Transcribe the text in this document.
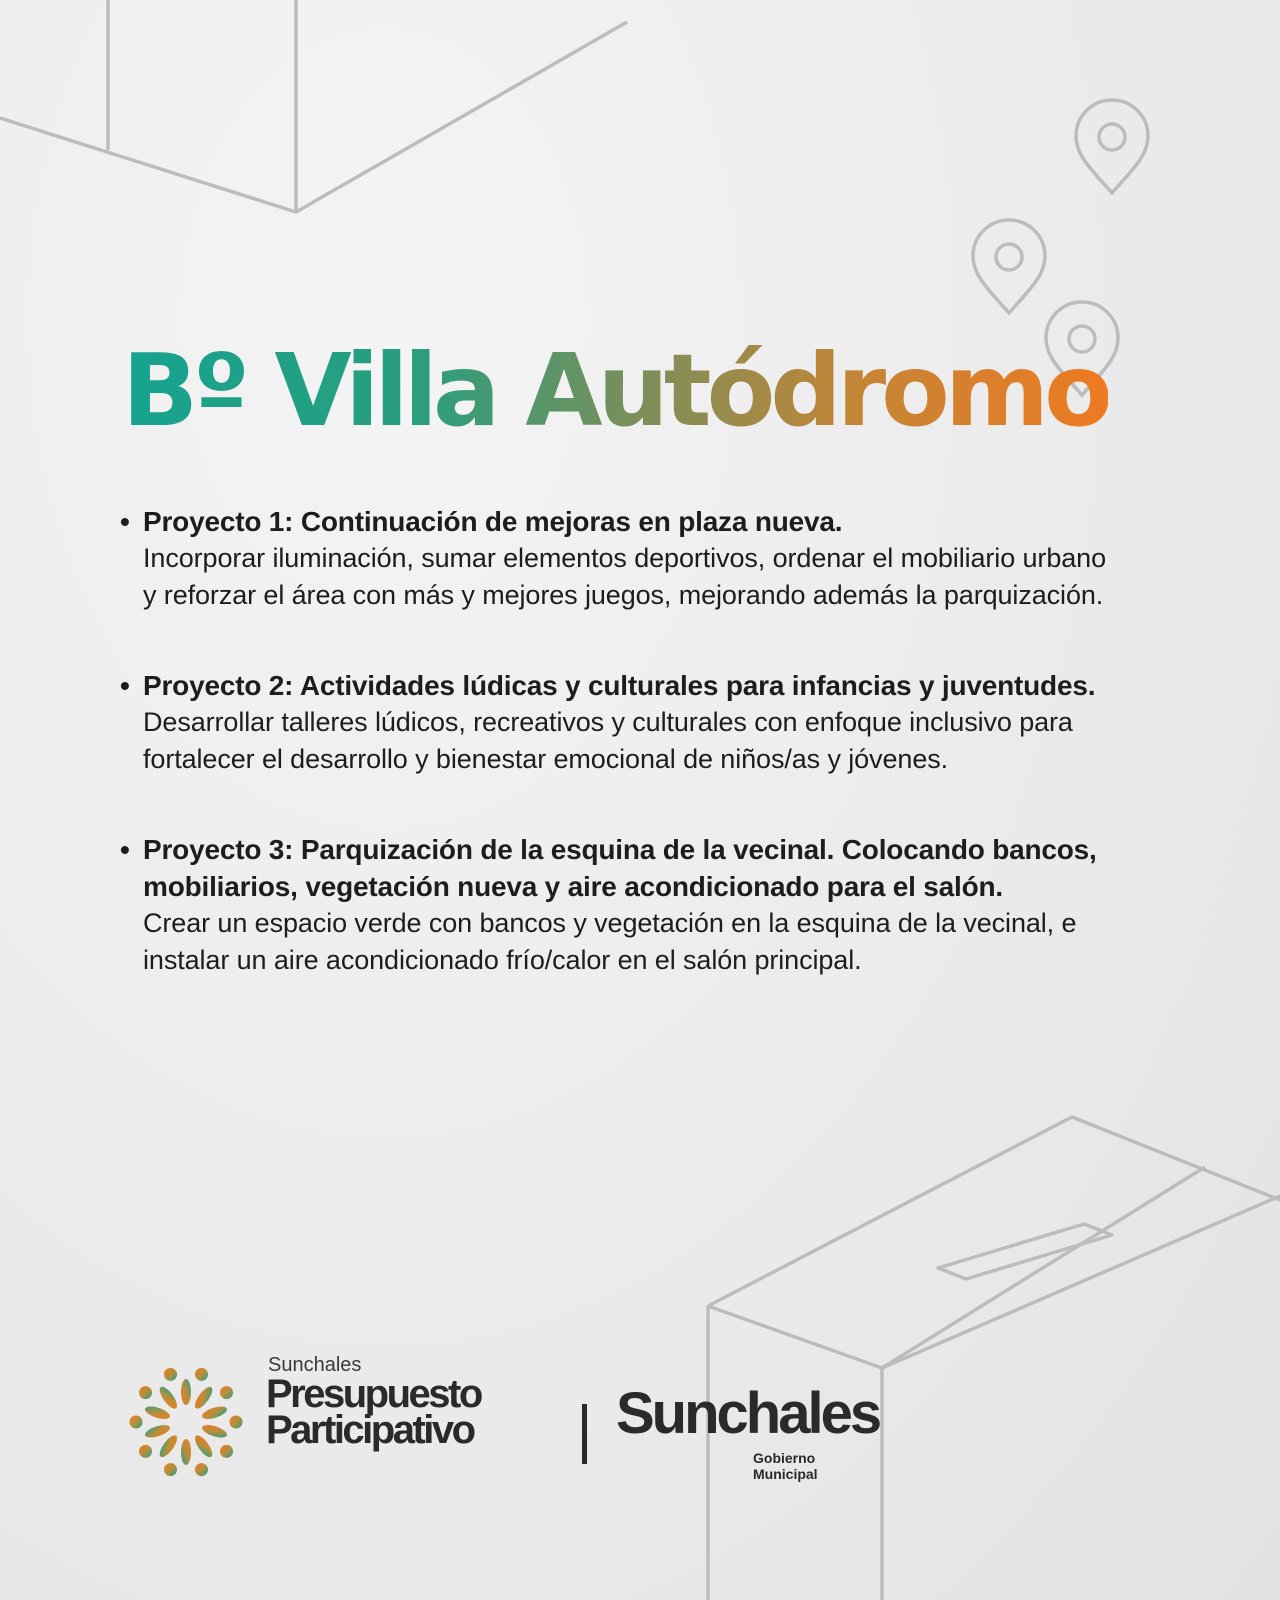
Bº Villa Autódromo
• Proyecto 1: Continuación de mejoras en plaza nueva.

Incorporar iluminación, sumar elementos deportivos, ordenar el mobiliario urbano y reforzar el área con más y mejores juegos, mejorando además la parquización.

• Proyecto 2: Actividades lúdicas y culturales para infancias y juventudes.

Desarrollar talleres lúdicos, recreativos y culturales con enfoque inclusivo para fortalecer el desarrollo y bienestar emocional de niños/as y jóvenes.

• Proyecto 3: Parquización de la esquina de la vecinal. Colocando bancos, mobiliarios, vegetación nueva y aire acondicionado para el salón.

Crear un espacio verde con bancos y vegetación en la esquina de la vecinal, e instalar un aire acondicionado frío/calor en el salón principal.

Sunchales
Presupuesto
Participativo Sunchales
Gobierno Municipal
